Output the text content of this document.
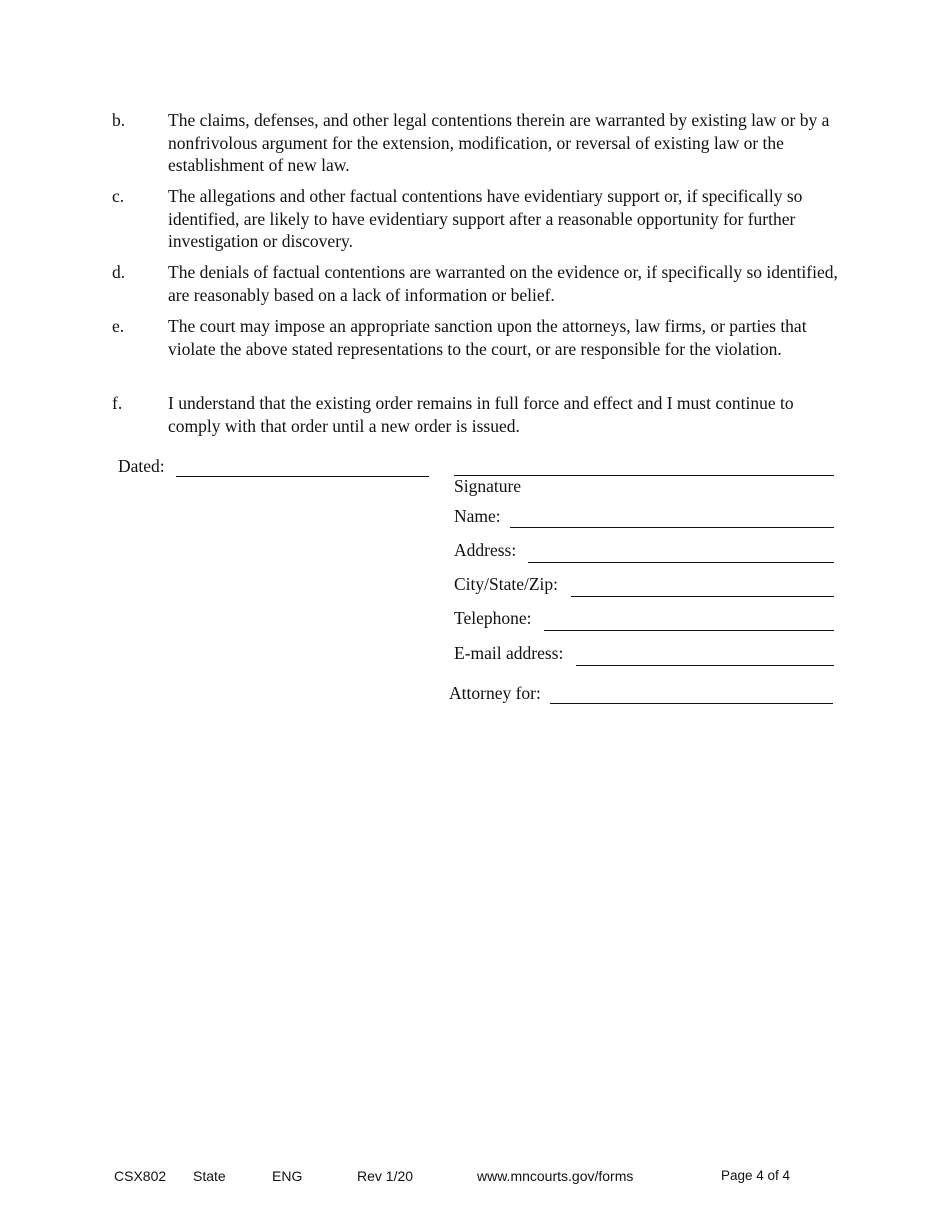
b. The claims, defenses, and other legal contentions therein are warranted by existing law or by a nonfrivolous argument for the extension, modification, or reversal of existing law or the establishment of new law.
c.	The allegations and other factual contentions have evidentiary support or, if specifically so identified, are likely to have evidentiary support after a reasonable opportunity for further investigation or discovery.
d. The denials of factual contentions are warranted on the evidence or, if specifically so identified, are reasonably based on a lack of information or belief.
e.	The court may impose an appropriate sanction upon the attorneys, law firms, or parties that violate the above stated representations to the court, or are responsible for the violation.
f.	I understand that the existing order remains in full force and effect and I must continue to comply with that order until a new order is issued.
Dated:
Signature
Name:
Address:
City/State/Zip:
Telephone:
E-mail address:
Attorney for:
CSX802 State	ENG	Rev 1/20	www.mncourts.gov/forms	Page 4 of 4
